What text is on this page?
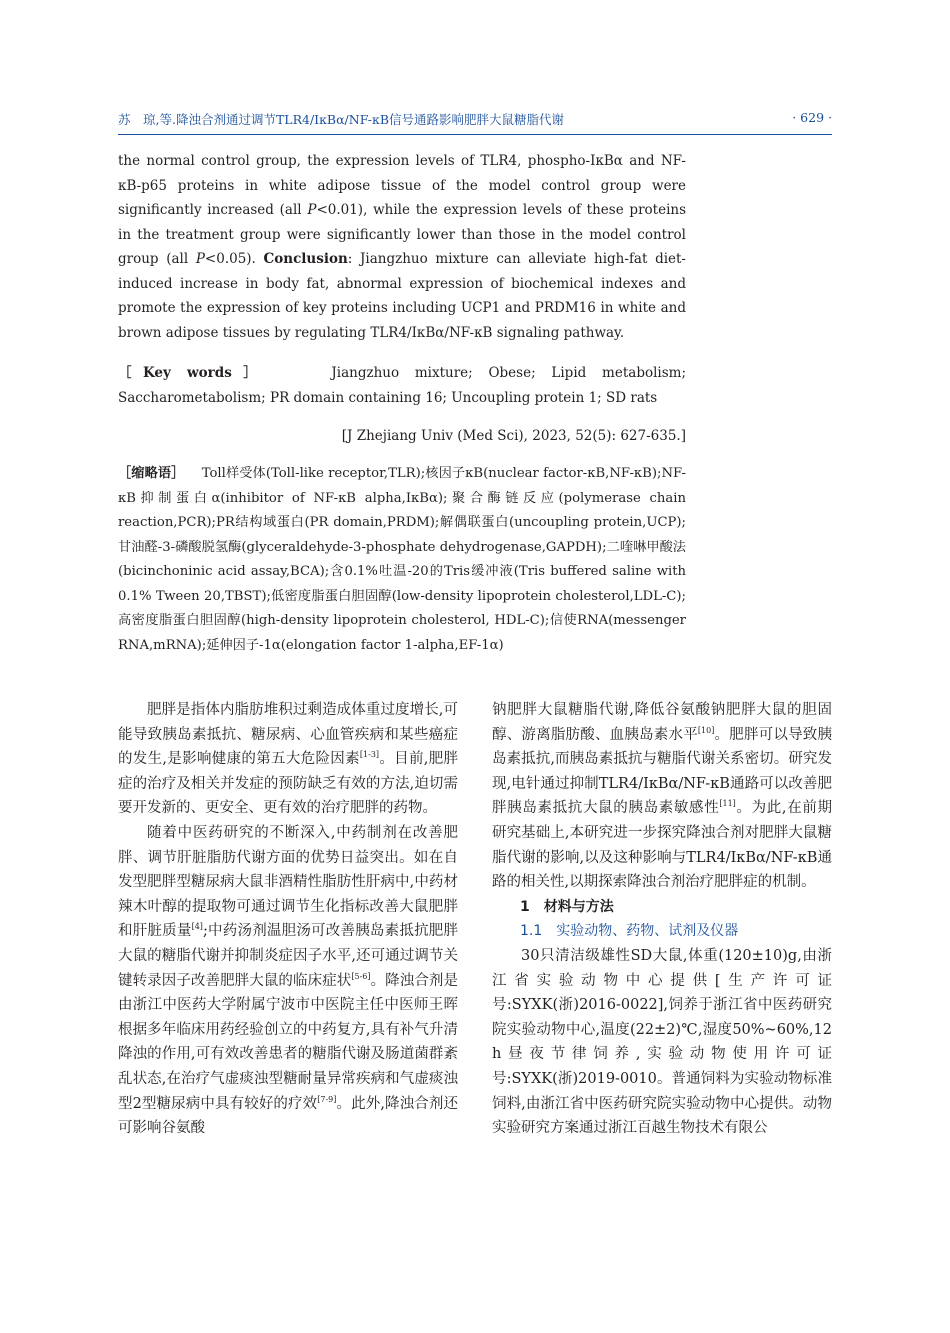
苏　琼,等.降浊合剂通过调节TLR4/IκBα/NF-κB信号通路影响肥胖大鼠糖脂代谢	· 629 ·
the normal control group, the expression levels of TLR4, phospho-IκBα and NF-κB-p65 proteins in white adipose tissue of the model control group were significantly increased (all P<0.01), while the expression levels of these proteins in the treatment group were significantly lower than those in the model control group (all P<0.05). Conclusion: Jiangzhuo mixture can alleviate high-fat diet-induced increase in body fat, abnormal expression of biochemical indexes and promote the expression of key proteins including UCP1 and PRDM16 in white and brown adipose tissues by regulating TLR4/IκBα/NF-κB signaling pathway.
［Key words］	Jiangzhuo mixture; Obese; Lipid metabolism; Saccharometabolism; PR domain containing 16; Uncoupling protein 1; SD rats
[J Zhejiang Univ (Med Sci), 2023, 52(5): 627-635.]
［缩略语］ Toll样受体(Toll-like receptor,TLR);核因子κB(nuclear factor-κB,NF-κB);NF-κB抑制蛋白α(inhibitor of NF-κB alpha,IκBα);聚合酶链反应(polymerase chain reaction,PCR);PR结构域蛋白(PR domain,PRDM);解偶联蛋白(uncoupling protein,UCP);甘油醛-3-磷酸脱氢酶(glyceraldehyde-3-phosphate dehydrogenase,GAPDH);二喹啉甲酸法(bicinchoninic acid assay,BCA);含0.1%吐温-20的Tris缓冲液(Tris buffered saline with 0.1% Tween 20,TBST);低密度脂蛋白胆固醇(low-density lipoprotein cholesterol,LDL-C);高密度脂蛋白胆固醇(high-density lipoprotein cholesterol, HDL-C);信使RNA(messenger RNA,mRNA);延伸因子-1α(elongation factor 1-alpha,EF-1α)

肥胖是指体内脂肪堆积过剩造成体重过度增长,可能导致胰岛素抵抗、糖尿病、心血管疾病和某些癌症的发生,是影响健康的第五大危险因素[1-3]。目前,肥胖症的治疗及相关并发症的预防缺乏有效的方法,迫切需要开发新的、更安全、更有效的治疗肥胖的药物。

随着中医药研究的不断深入,中药制剂在改善肥胖、调节肝脏脂肪代谢方面的优势日益突出。如在自发型肥胖型糖尿病大鼠非酒精性脂肪性肝病中,中药材辣木叶醇的提取物可通过调节生化指标改善大鼠肥胖和肝脏质量[4];中药汤剂温胆汤可改善胰岛素抵抗肥胖大鼠的糖脂代谢并抑制炎症因子水平,还可通过调节关键转录因子改善肥胖大鼠的临床症状[5-6]。降浊合剂是由浙江中医药大学附属宁波市中医院主任中医师王晖根据多年临床用药经验创立的中药复方,具有补气升清降浊的作用,可有效改善患者的糖脂代谢及肠道菌群紊乱状态,在治疗气虚痰浊型糖耐量异常疾病和气虚痰浊型2型糖尿病中具有较好的疗效[7-9]。此外,降浊合剂还可影响谷氨酸

钠肥胖大鼠糖脂代谢,降低谷氨酸钠肥胖大鼠的胆固醇、游离脂肪酸、血胰岛素水平[10]。肥胖可以导致胰岛素抵抗,而胰岛素抵抗与糖脂代谢关系密切。研究发现,电针通过抑制TLR4/IκBα/NF-κB通路可以改善肥胖胰岛素抵抗大鼠的胰岛素敏感性[11]。为此,在前期研究基础上,本研究进一步探究降浊合剂对肥胖大鼠糖脂代谢的影响,以及这种影响与TLR4/IκBα/NF-κB通路的相关性,以期探索降浊合剂治疗肥胖症的机制。

1　材料与方法

1.1　实验动物、药物、试剂及仪器

30只清洁级雄性SD大鼠,体重(120±10)g,由浙江省实验动物中心提供[生产许可证号:SYXK(浙)2016-0022],饲养于浙江省中医药研究院实验动物中心,温度(22±2)℃,湿度50%~60%,12 h昼夜节律饲养,实验动物使用许可证号:SYXK(浙)2019-0010。普通饲料为实验动物标准饲料,由浙江省中医药研究院实验动物中心提供。动物实验研究方案通过浙江百越生物技术有限公
